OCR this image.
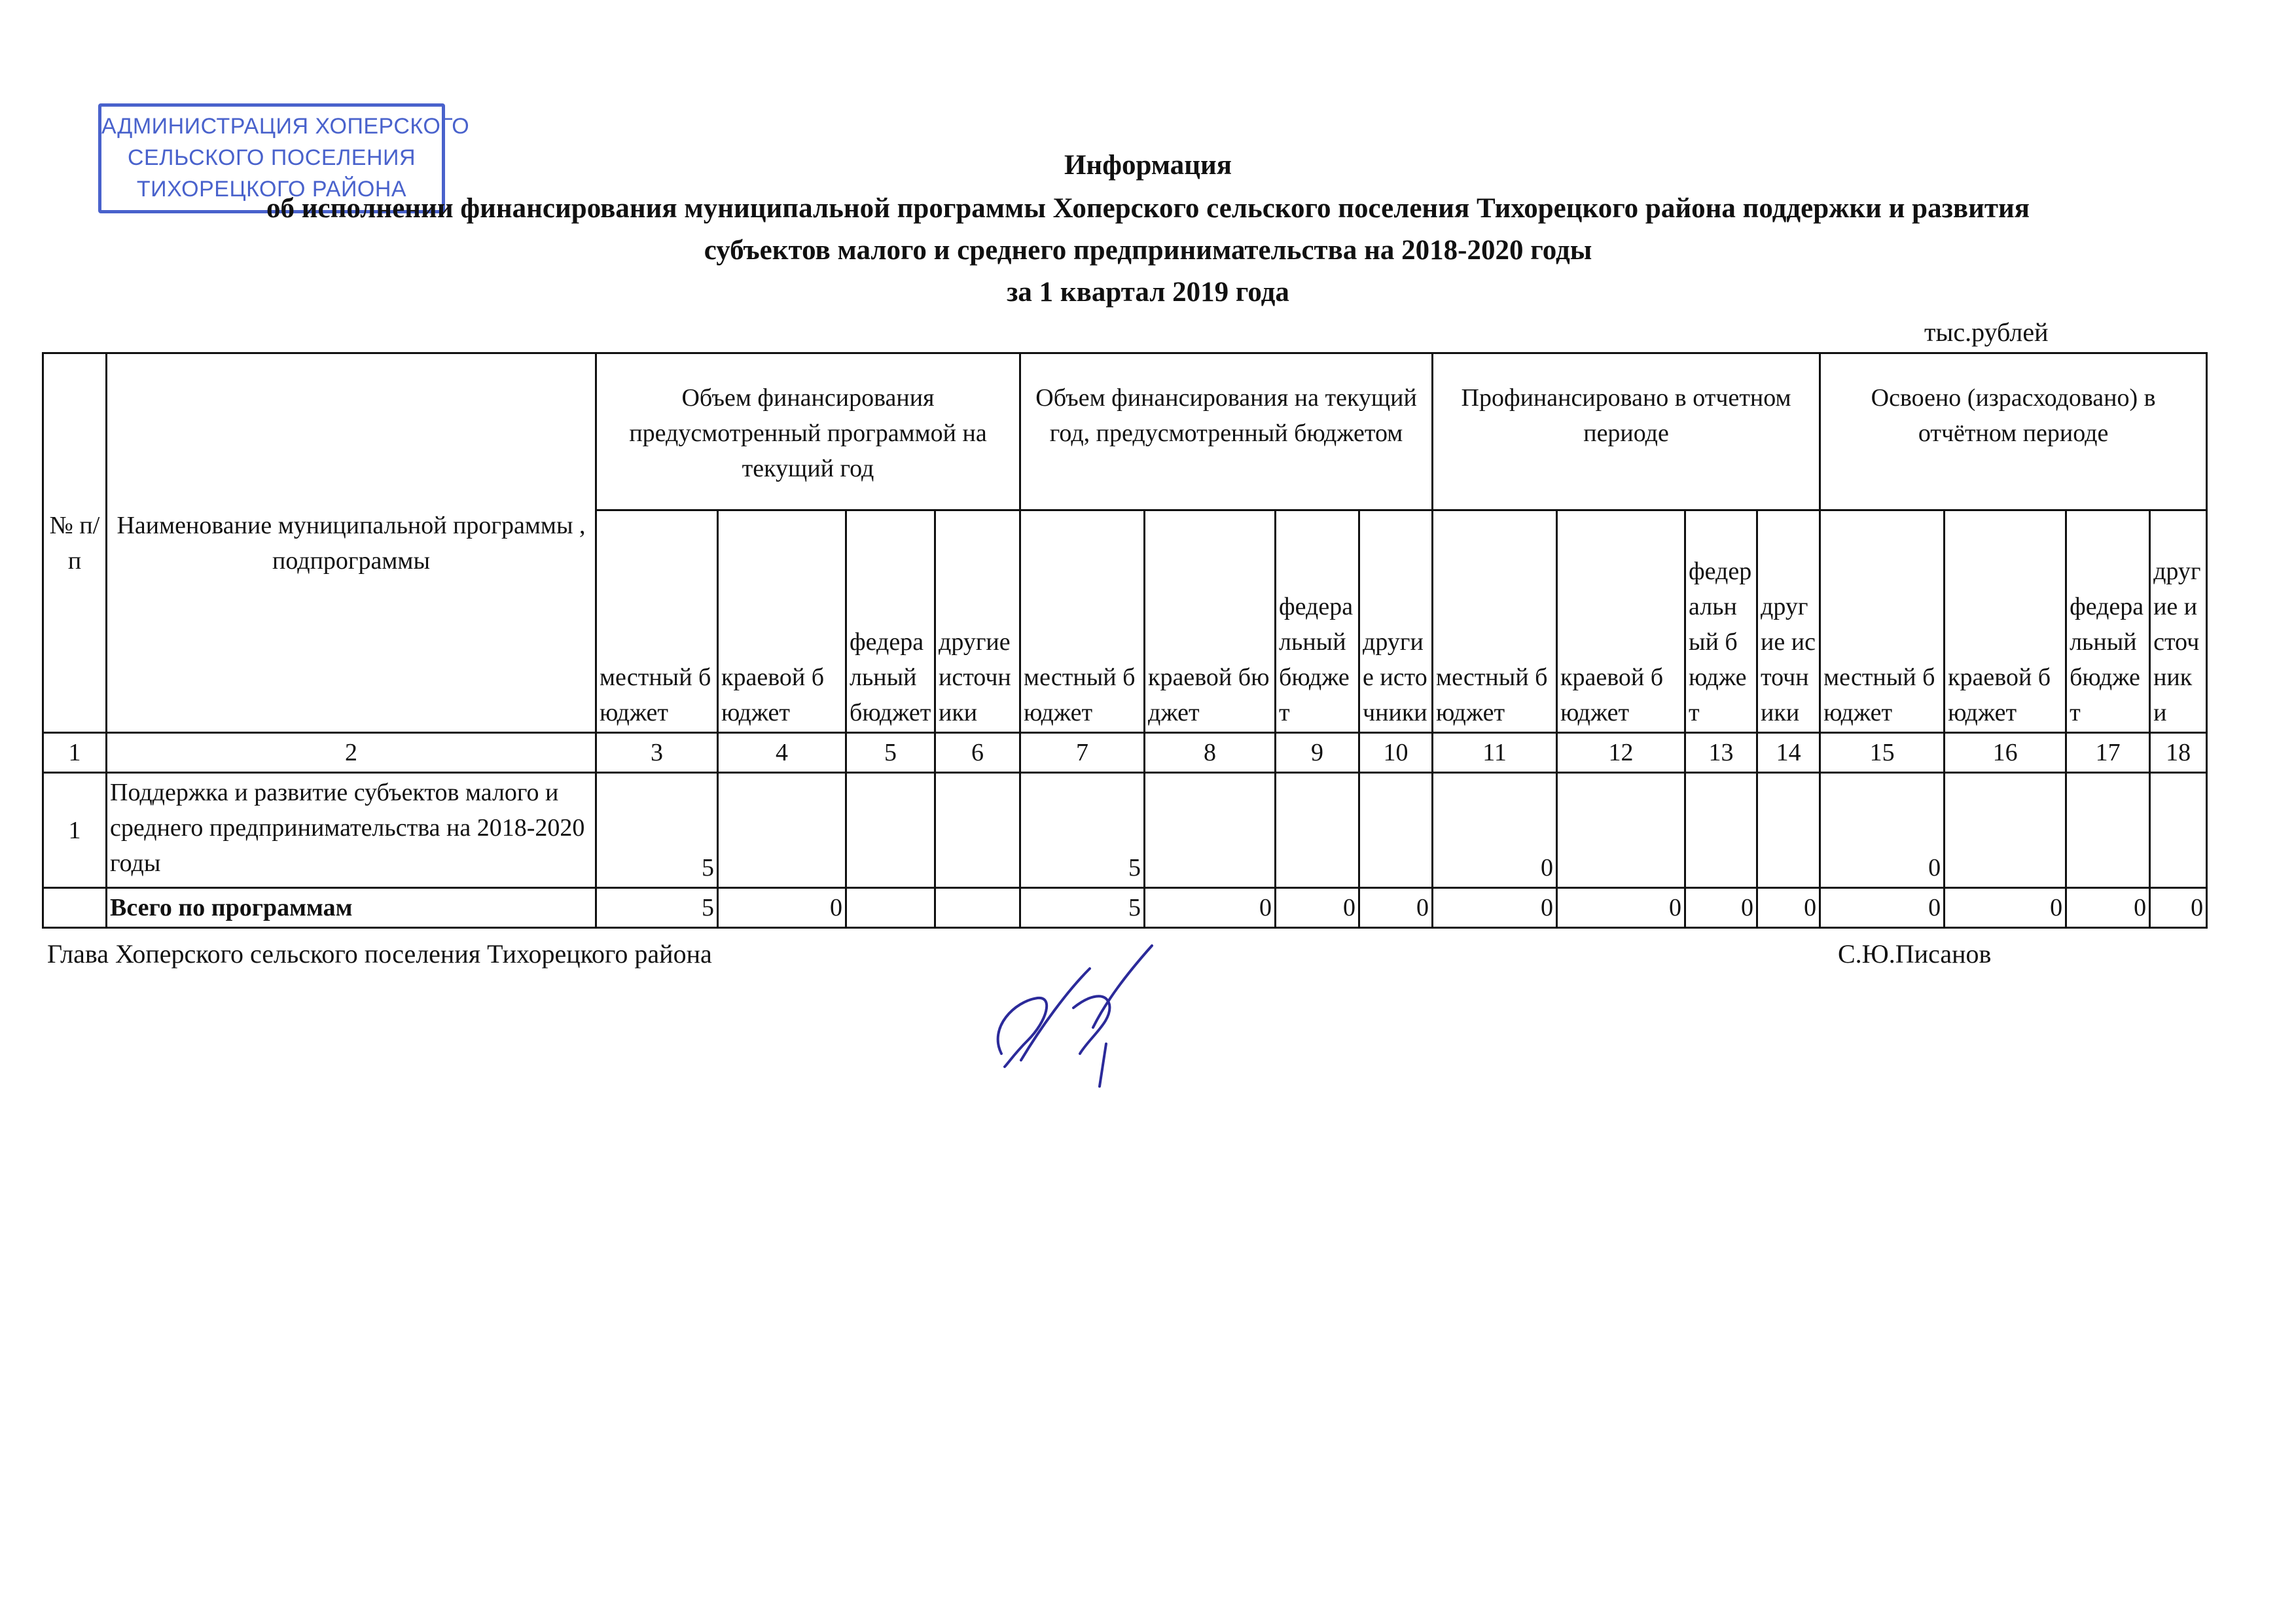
АДМИНИСТРАЦИЯ ХОПЕРСКОГО
СЕЛЬСКОГО ПОСЕЛЕНИЯ
ТИХОРЕЦКОГО РАЙОНА
Информация
об исполнении финансирования муниципальной программы Хоперского сельского поселения Тихорецкого района поддержки и развития
субъектов малого и среднего предпринимательства на 2018-2020 годы
за 1 квартал 2019 года
тыс.рублей
№ п/п	Наименование муниципальной программы , подпрограммы	Объем финансирования предусмотренный программой на текущий год				Объем финансирования на текущий год, предусмотренный бюджетом				Профинансировано в отчетном периоде				Освоено (израсходовано) в отчётном периоде			
		местный бюджет	краевой бюджет	федеральный бюджет	другие источники	местный бюджет	краевой бюджет	федеральный бюджет	другие источники	местный бюджет	краевой бюджет	федеральный бюджет	другие источники	местный бюджет	краевой бюджет	федеральный бюджет	другие источники
1	2	3	4	5	6	7	8	9	10	11	12	13	14	15	16	17	18
1	Поддержка и развитие субъектов малого и среднего предпринимательства на 2018-2020 годы	5				5				0				0			
	Всего по программам	5	0			5	0	0	0	0	0	0	0	0	0	0	0
Глава Хоперского сельского поселения Тихорецкого района	С.Ю.Писанов
